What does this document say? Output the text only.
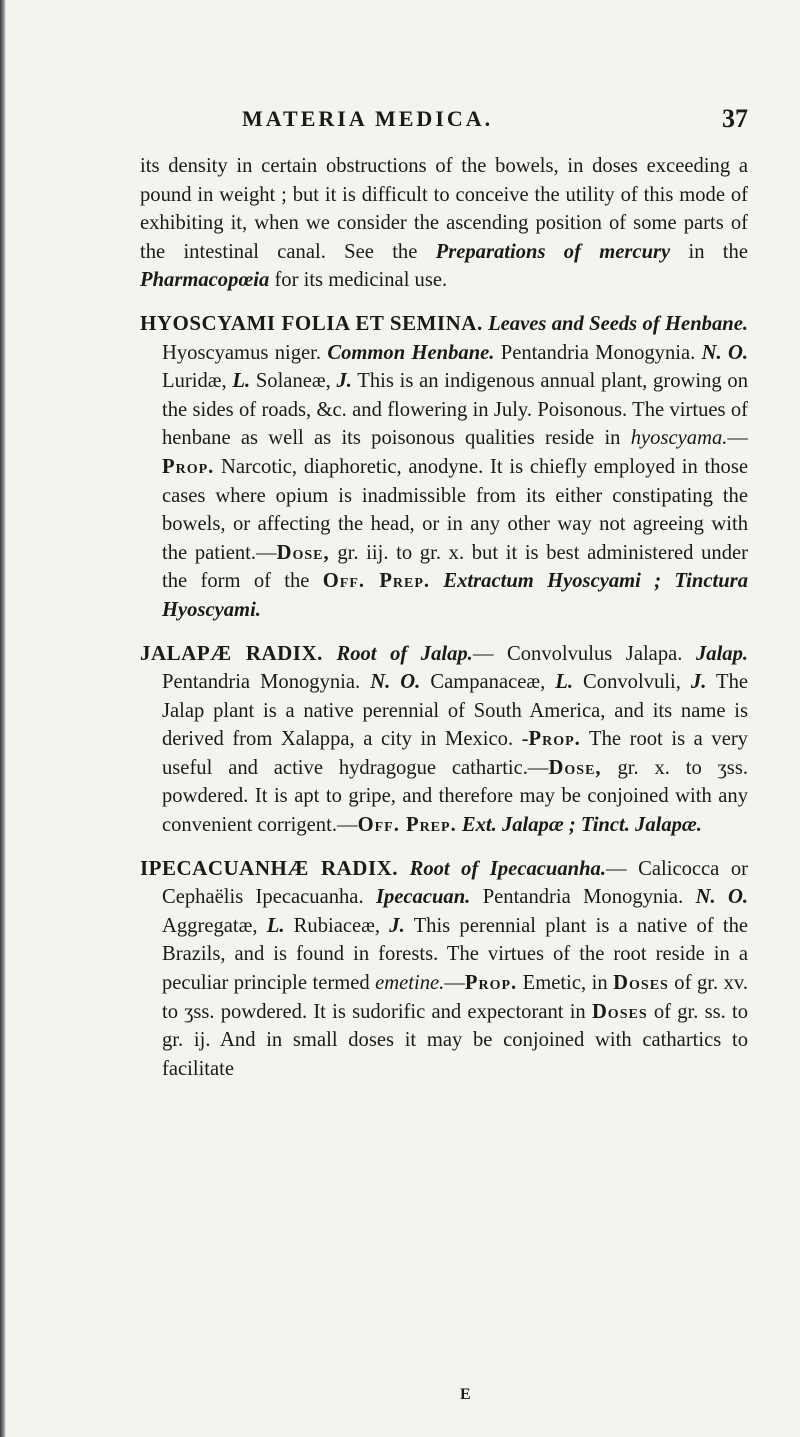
MATERIA MEDICA.	37

its density in certain obstructions of the bowels, in doses exceeding a pound in weight ; but it is difficult to conceive the utility of this mode of exhibiting it, when we consider the ascending position of some parts of the intestinal canal. See the Preparations of mercury in the Pharmacopœia for its medicinal use.

HYOSCYAMI FOLIA ET SEMINA. Leaves and Seeds of Henbane. Hyoscyamus niger. Common Henbane. Pentandria Monogynia. N. O. Luridæ, L. Solaneæ, J. This is an indigenous annual plant, growing on the sides of roads, &c. and flowering in July. Poisonous. The virtues of henbane as well as its poisonous qualities reside in hyoscyama.—Prop. Narcotic, diaphoretic, anodyne. It is chiefly employed in those cases where opium is inadmissible from its either constipating the bowels, or affecting the head, or in any other way not agreeing with the patient.—Dose, gr. iij. to gr. x. but it is best administered under the form of the Off. Prep. Extractum Hyoscyami ; Tinctura Hyoscyami.

JALAPÆ RADIX. Root of Jalap.— Convolvulus Jalapa. Jalap. Pentandria Monogynia. N. O. Campanaceæ, L. Convolvuli, J. The Jalap plant is a native perennial of South America, and its name is derived from Xalappa, a city in Mexico. -Prop. The root is a very useful and active hydragogue cathartic.—Dose, gr. x. to ʒss. powdered. It is apt to gripe, and therefore may be conjoined with any convenient corrigent.—Off. Prep. Ext. Jalapæ ; Tinct. Jalapæ.

IPECACUANHÆ RADIX. Root of Ipecacuanha.— Calicocca or Cephaëlis Ipecacuanha. Ipecacuan. Pentandria Monogynia. N. O. Aggregatæ, L. Rubiaceæ, J. This perennial plant is a native of the Brazils, and is found in forests. The virtues of the root reside in a peculiar principle termed emetine.—Prop. Emetic, in Doses of gr. xv. to ʒss. powdered. It is sudorific and expectorant in Doses of gr. ss. to gr. ij. And in small doses it may be conjoined with cathartics to facilitate

E
